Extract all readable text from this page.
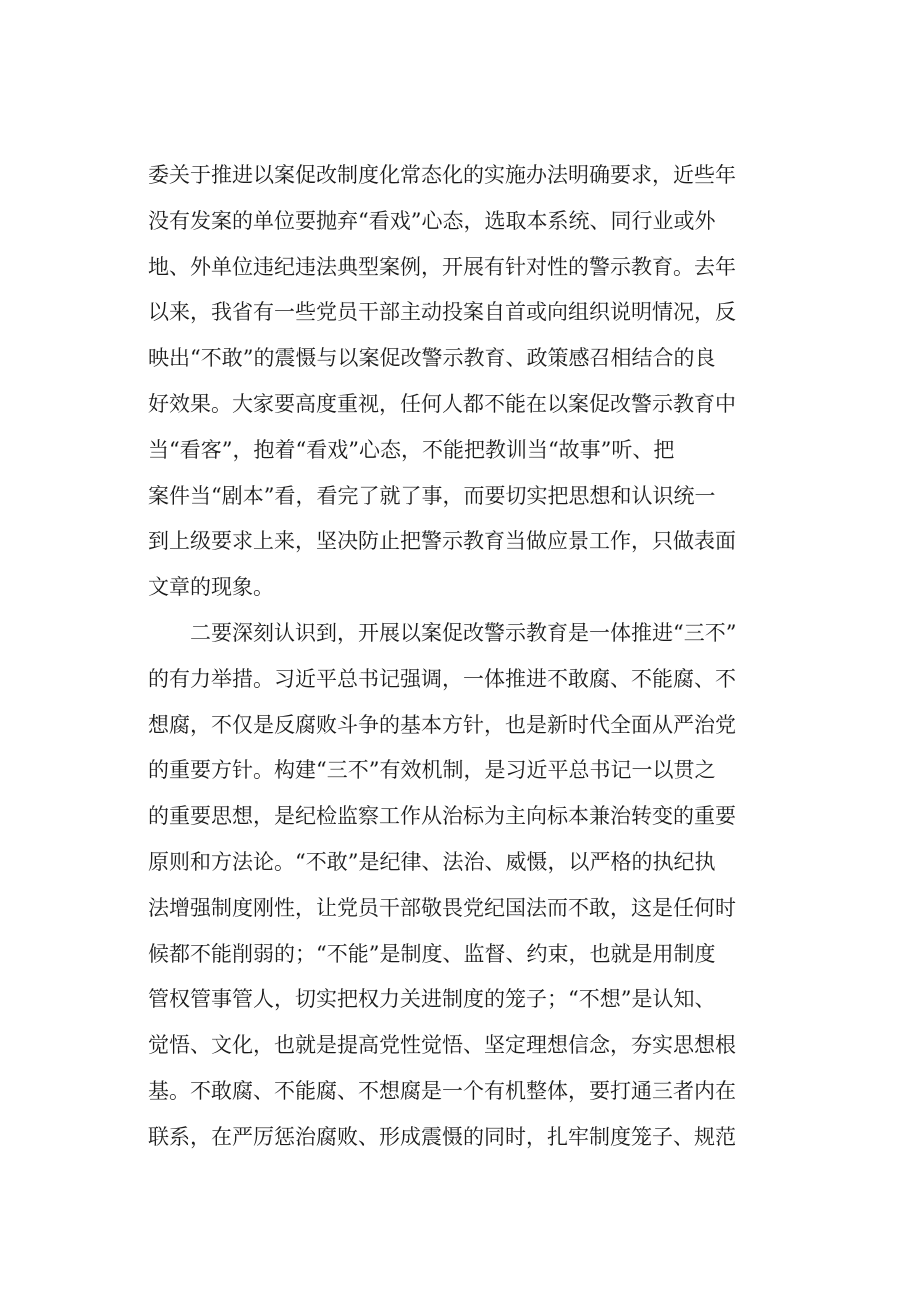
委关于推进以案促改制度化常态化的实施办法明确要求，近些年
没有发案的单位要抛弃“看戏”心态，选取本系统、同行业或外
地、外单位违纪违法典型案例，开展有针对性的警示教育。去年
以来，我省有一些党员干部主动投案自首或向组织说明情况，反
映出“不敢”的震慑与以案促改警示教育、政策感召相结合的良
好效果。大家要高度重视，任何人都不能在以案促改警示教育中
当“看客”，抱着“看戏”心态，不能把教训当“故事”听、把
案件当“剧本”看，看完了就了事，而要切实把思想和认识统一
到上级要求上来，坚决防止把警示教育当做应景工作，只做表面
文章的现象。
二要深刻认识到，开展以案促改警示教育是一体推进“三不”
的有力举措。习近平总书记强调，一体推进不敢腐、不能腐、不
想腐，不仅是反腐败斗争的基本方针，也是新时代全面从严治党
的重要方针。构建“三不”有效机制，是习近平总书记一以贯之
的重要思想，是纪检监察工作从治标为主向标本兼治转变的重要
原则和方法论。“不敢”是纪律、法治、威慑，以严格的执纪执
法增强制度刚性，让党员干部敬畏党纪国法而不敢，这是任何时
候都不能削弱的；“不能”是制度、监督、约束，也就是用制度
管权管事管人，切实把权力关进制度的笼子；“不想”是认知、
觉悟、文化，也就是提高党性觉悟、坚定理想信念，夯实思想根
基。不敢腐、不能腐、不想腐是一个有机整体，要打通三者内在
联系，在严厉惩治腐败、形成震慑的同时，扎牢制度笼子、规范
